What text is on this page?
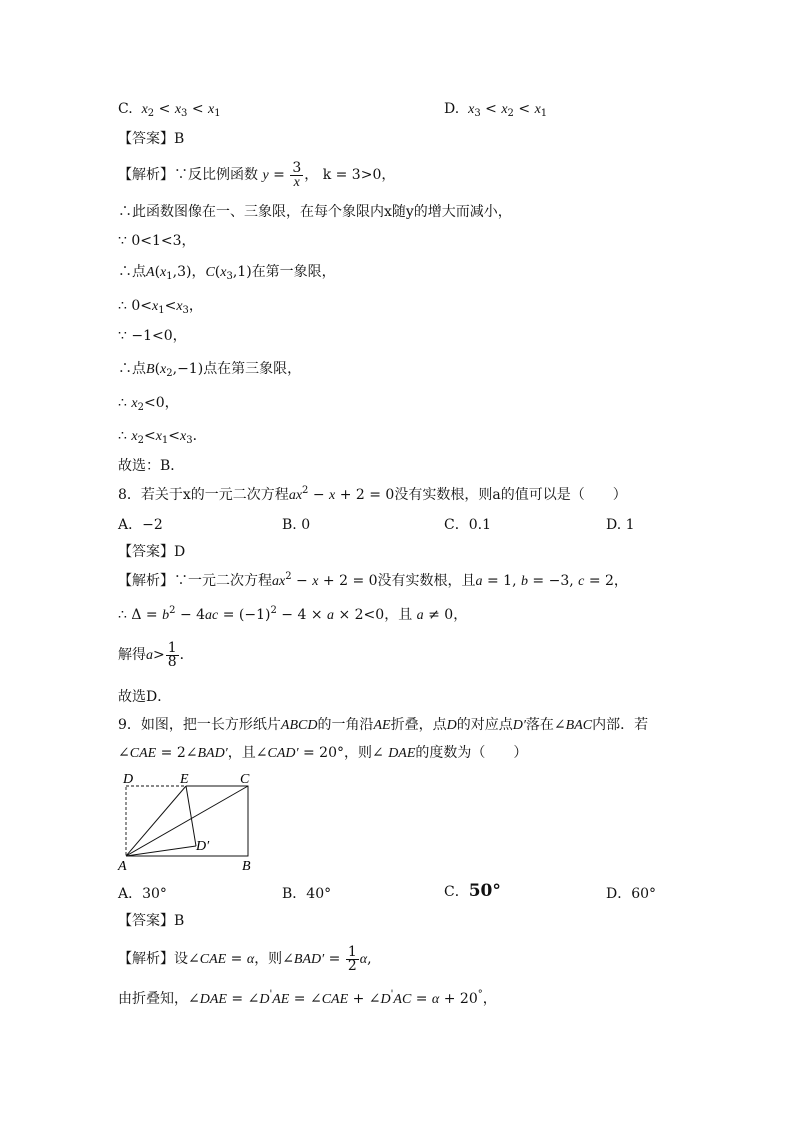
C. $x_2 < x_3 < x_1$	D. $x_3 < x_2 < x_1$
【答案】B
【解析】∵反比例函数 $y = \frac{3}{x}$ ， k = 3>0，
∴此函数图像在一、三象限，在每个象限内x随y的增大而减小，
∵ 0<1<3，
∴点$A(x_1,3)$，$C(x_3,1)$在第一象限，
∴ $0<x_1<x_3$，
∵ −1<0，
∴点$B(x_2,-1)$点在第三象限，
∴ $x_2<0$，
∴ $x_2<x_1<x_3$．
故选：B．
8．若关于x的一元二次方程$ax^2 - x + 2 = 0$没有实数根，则a的值可以是（　　）
A．−2	B. 0	C．0.1	D. 1
【答案】D
【解析】∵一元二次方程$ax^2 - x + 2 = 0$没有实数根，且a = 1, b = −3, c = 2，
∴ $\Delta = b^2 - 4ac = (-1)^2 - 4 \times a \times 2<0$，且 a ≠ 0，
解得$a> \frac{1}{8}$ ．
故选D．
9．如图，把一长方形纸片ABCD的一角沿AE折叠，点D的对应点D′落在∠BAC内部．若
∠CAE = 2∠BAD′，且∠CAD′ = 20°，则∠ DAE的度数为（　　）
D	E	C
A	B
D′
A．30°	B．40°	C．50°	D．60°
【答案】B
【解析】设∠CAE = α，则∠BAD′ = $\frac{1}{2} \alpha$,
由折叠知，∠DAE = ∠D'AE = ∠CAE + ∠D'AC = α + 20°，
